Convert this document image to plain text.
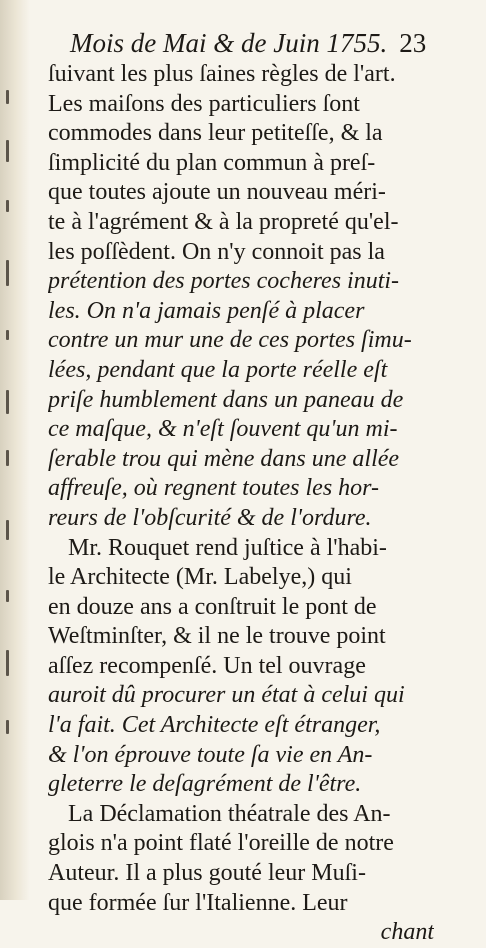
Mois de Mai & de Juin 1755. 23
ſuivant les plus ſaines règles de l'art.
Les maiſons des particuliers ſont
commodes dans leur petiteſſe, & la
ſimplicité du plan commun à preſ-
que toutes ajoute un nouveau méri-
te à l'agrément & à la propreté qu'el-
les poſſèdent. On n'y connoit pas la
prétention des portes cocheres inuti-
les. On n'a jamais penſé à placer
contre un mur une de ces portes ſimu-
lées, pendant que la porte réelle eſt
priſe humblement dans un paneau de
ce maſque, & n'eſt ſouvent qu'un mi-
ſerable trou qui mène dans une allée
affreuſe, où regnent toutes les hor-
reurs de l'obſcurité & de l'ordure.
Mr. Rouquet rend juſtice à l'habi-
le Architecte (Mr. Labelye,) qui
en douze ans a conſtruit le pont de
Weſtminſter, & il ne le trouve point
aſſez recompenſé. Un tel ouvrage
auroit dû procurer un état à celui qui
l'a fait. Cet Architecte eſt étranger,
& l'on éprouve toute ſa vie en An-
gleterre le deſagrément de l'être.
La Déclamation théatrale des An-
glois n'a point flaté l'oreille de notre
Auteur. Il a plus gouté leur Muſi-
que formée ſur l'Italienne. Leur
chant
